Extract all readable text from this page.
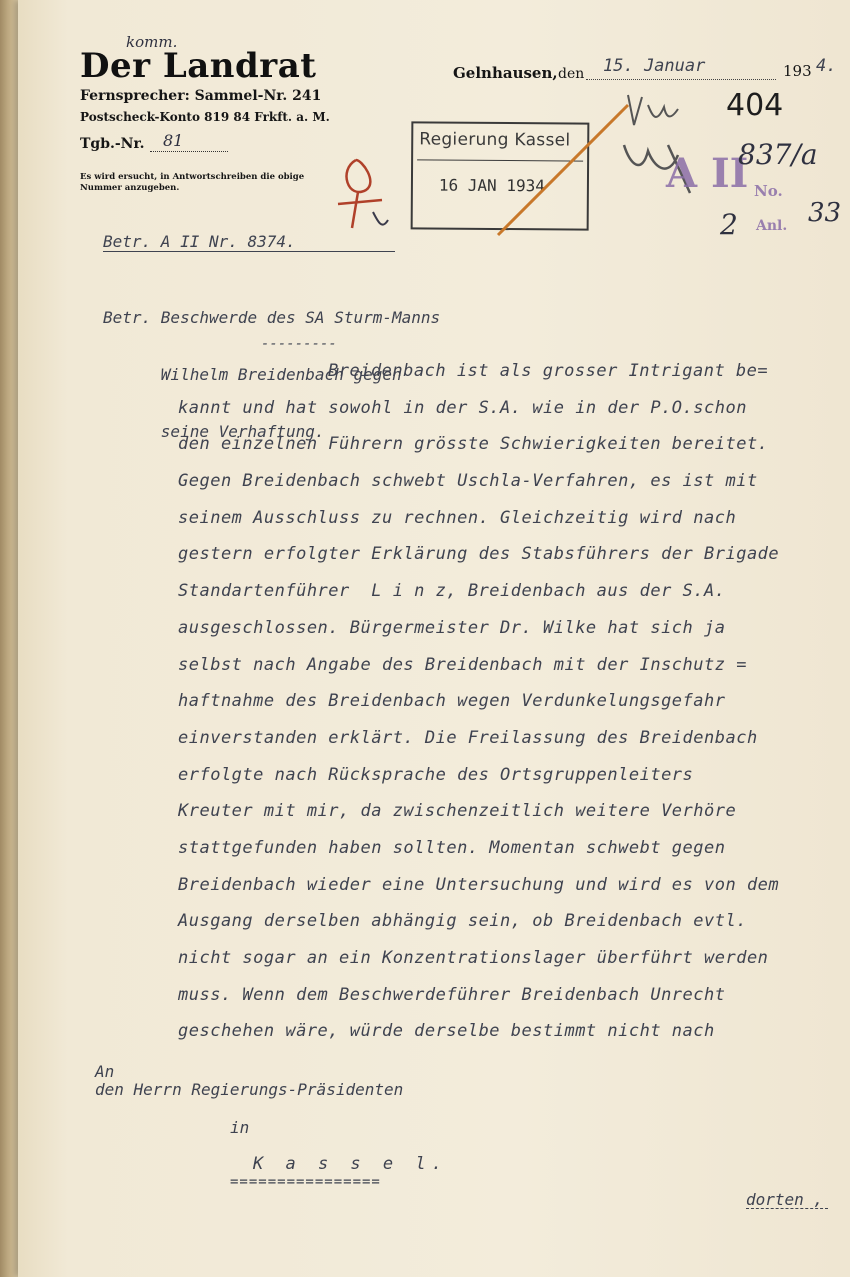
komm.
Der Landrat
Fernsprecher: Sammel-Nr. 241
Postscheck-Konto 819 84 Frkft. a. M.
Tgb.-Nr. 81
Es wird ersucht, in Antwortschreiben die obige Nummer anzugeben.
Gelnhausen, den 15. Januar	193 4.
Regierung Kassel
16 JAN 1934
404
A II No.
Anl.
837/a
2	33
Betr. A II Nr. 8374.

Betr. Beschwerde des SA Sturm-Manns

Wilhelm Breidenbach gegen

seine Verhaftung.

---------
Breidenbach ist als grosser Intrigant be=
kannt und hat sowohl in der S.A. wie in der P.O.schon
den einzelnen Führern grösste Schwierigkeiten bereitet.
Gegen Breidenbach schwebt Uschla-Verfahren, es ist mit
seinem Ausschluss zu rechnen. Gleichzeitig wird nach
gestern erfolgter Erklärung des Stabsführers der Brigade
Standartenführer  L i n z, Breidenbach aus der S.A.
ausgeschlossen. Bürgermeister Dr. Wilke hat sich ja
selbst nach Angabe des Breidenbach mit der Inschutz =
haftnahme des Breidenbach wegen Verdunkelungsgefahr
einverstanden erklärt. Die Freilassung des Breidenbach
erfolgte nach Rücksprache des Ortsgruppenleiters
Kreuter mit mir, da zwischenzeitlich weitere Verhöre
stattgefunden haben sollten. Momentan schwebt gegen
Breidenbach wieder eine Untersuchung und wird es von dem
Ausgang derselben abhängig sein, ob Breidenbach evtl.
nicht sogar an ein Konzentrationslager überführt werden
muss. Wenn dem Beschwerdeführer Breidenbach Unrecht
geschehen wäre, würde derselbe bestimmt nicht nach
An
den Herrn Regierungs-Präsidenten
in
K a s s e l.
================
dorten ,
